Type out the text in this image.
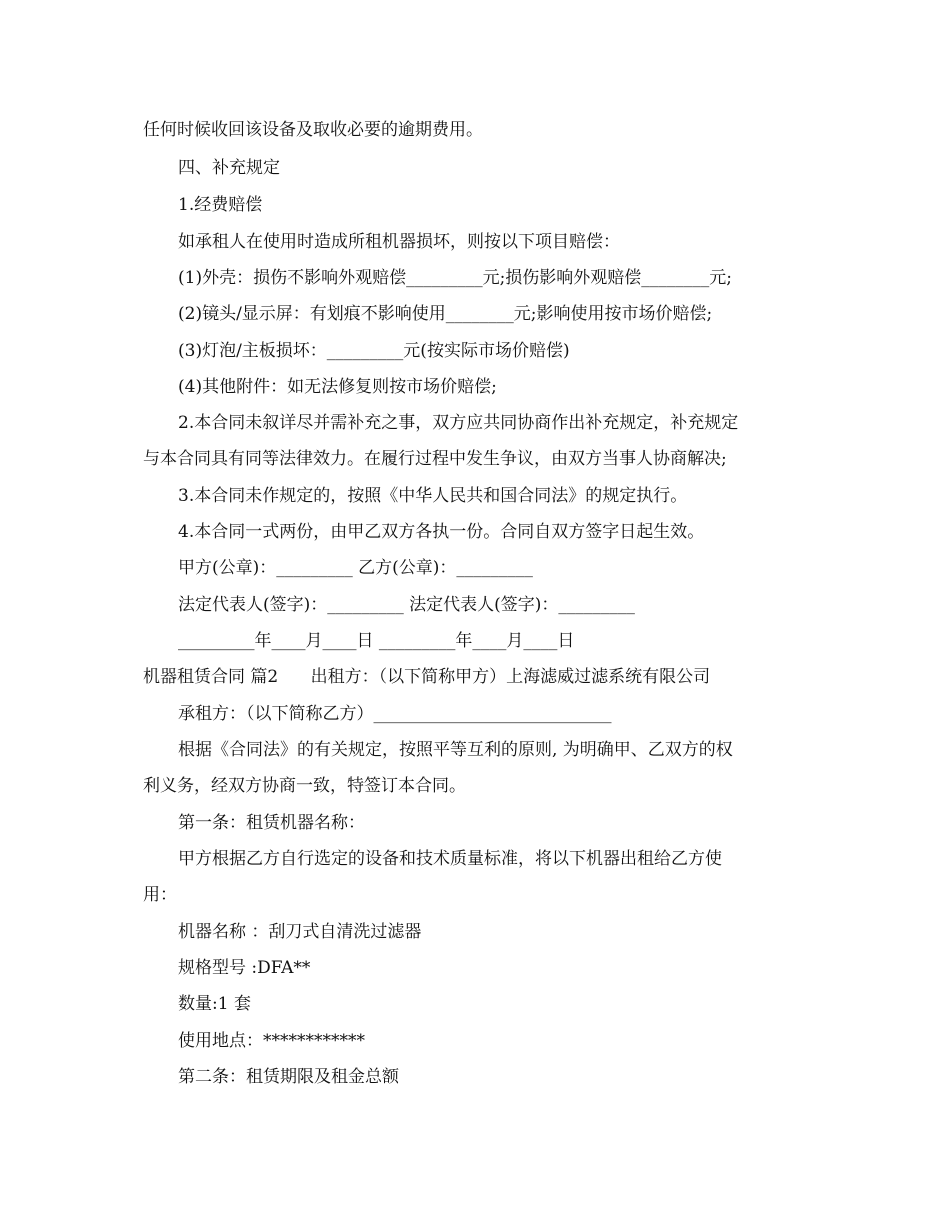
任何时候收回该设备及取收必要的逾期费用。
四、补充规定
1.经费赔偿
如承租人在使用时造成所租机器损坏，则按以下项目赔偿：
(1)外壳：损伤不影响外观赔偿_________元;损伤影响外观赔偿________元;
(2)镜头/显示屏：有划痕不影响使用________元;影响使用按市场价赔偿;
(3)灯泡/主板损坏：_________元(按实际市场价赔偿)
(4)其他附件：如无法修复则按市场价赔偿;
2.本合同未叙详尽并需补充之事，双方应共同协商作出补充规定，补充规定
与本合同具有同等法律效力。在履行过程中发生争议，由双方当事人协商解决;
3.本合同未作规定的，按照《中华人民共和国合同法》的规定执行。
4.本合同一式两份，由甲乙双方各执一份。合同自双方签字日起生效。
甲方(公章)：_________ 乙方(公章)：_________
法定代表人(签字)：_________ 法定代表人(签字)：_________
_________年____月____日 _________年____月____日
机器租赁合同 篇2      出租方：（以下简称甲方）上海滤威过滤系统有限公司
承租方：（以下简称乙方）____________________________
根据《合同法》的有关规定，按照平等互利的原则, 为明确甲、乙双方的权
利义务，经双方协商一致，特签订本合同。
第一条：租赁机器名称：
甲方根据乙方自行选定的设备和技术质量标准，将以下机器出租给乙方使
用：
机器名称 ：刮刀式自清洗过滤器
规格型号 :DFA**
数量:1 套
使用地点：************
第二条：租赁期限及租金总额
